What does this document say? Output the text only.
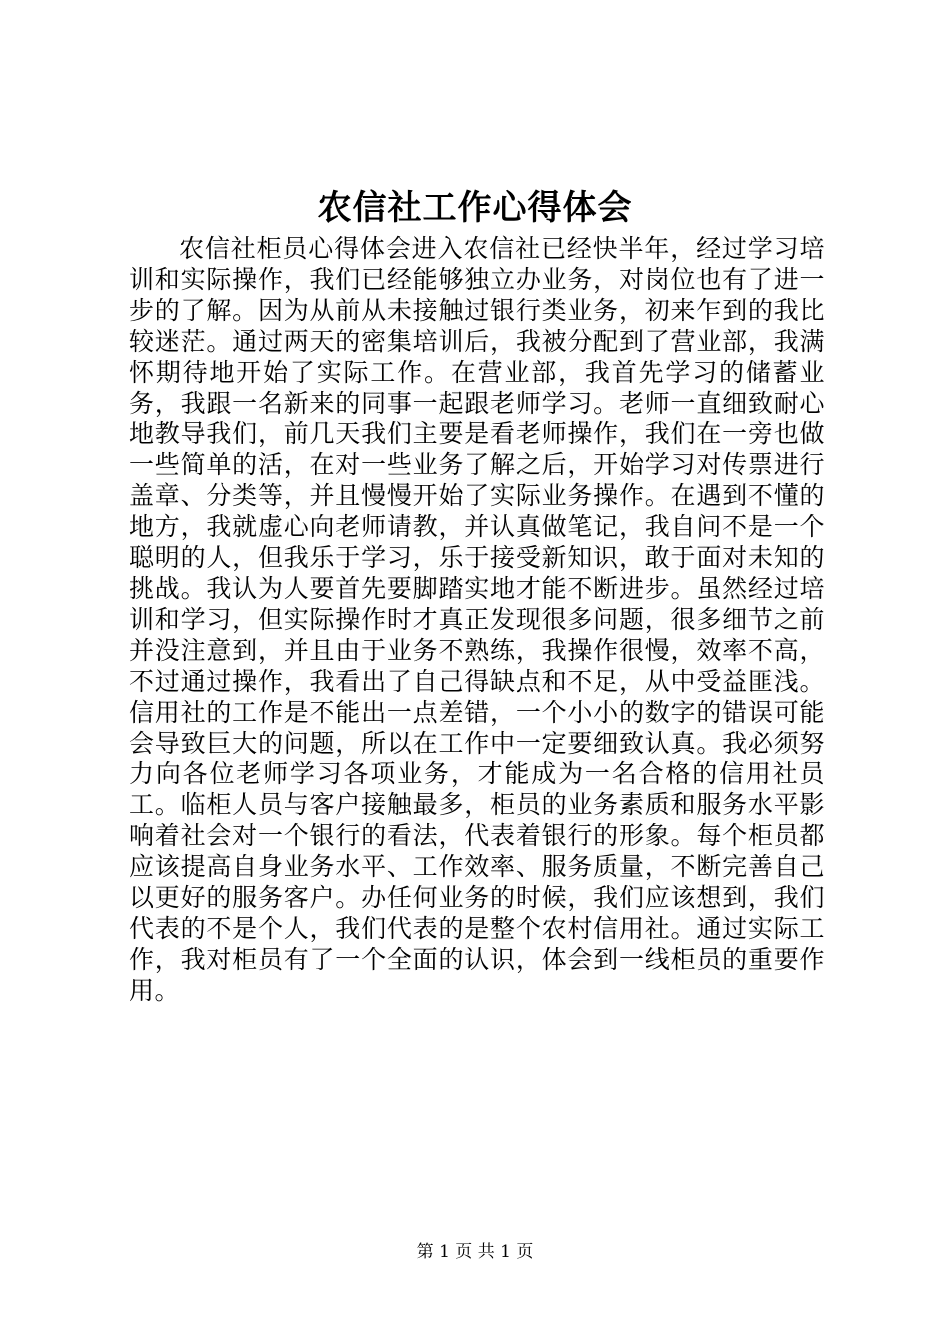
农信社工作心得体会

农信社柜员心得体会进入农信社已经快半年，经过学习培训和实际操作，我们已经能够独立办业务，对岗位也有了进一步的了解。因为从前从未接触过银行类业务，初来乍到的我比较迷茫。通过两天的密集培训后，我被分配到了营业部，我满怀期待地开始了实际工作。在营业部，我首先学习的储蓄业务，我跟一名新来的同事一起跟老师学习。老师一直细致耐心地教导我们，前几天我们主要是看老师操作，我们在一旁也做一些简单的活，在对一些业务了解之后，开始学习对传票进行盖章、分类等，并且慢慢开始了实际业务操作。在遇到不懂的地方，我就虚心向老师请教，并认真做笔记，我自问不是一个聪明的人，但我乐于学习，乐于接受新知识，敢于面对未知的挑战。我认为人要首先要脚踏实地才能不断进步。虽然经过培训和学习，但实际操作时才真正发现很多问题，很多细节之前并没注意到，并且由于业务不熟练，我操作很慢，效率不高，不过通过操作，我看出了自己得缺点和不足，从中受益匪浅。信用社的工作是不能出一点差错，一个小小的数字的错误可能会导致巨大的问题，所以在工作中一定要细致认真。我必须努力向各位老师学习各项业务，才能成为一名合格的信用社员工。临柜人员与客户接触最多，柜员的业务素质和服务水平影响着社会对一个银行的看法，代表着银行的形象。每个柜员都应该提高自身业务水平、工作效率、服务质量，不断完善自己以更好的服务客户。办任何业务的时候，我们应该想到，我们代表的不是个人，我们代表的是整个农村信用社。通过实际工作，我对柜员有了一个全面的认识，体会到一线柜员的重要作用。

第 1 页 共 1 页
